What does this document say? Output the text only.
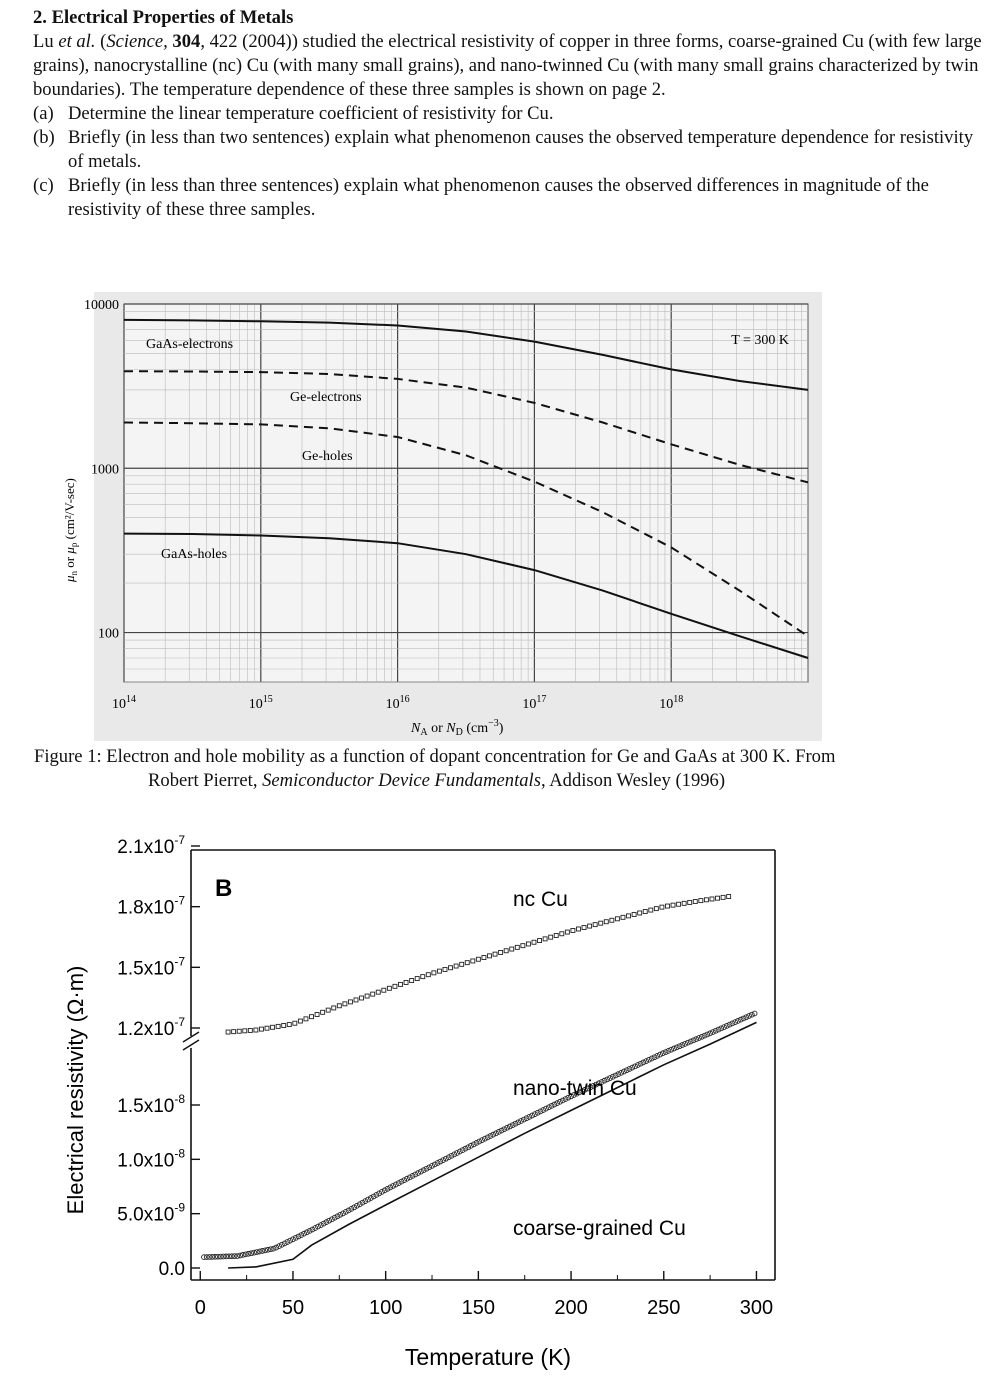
2. Electrical Properties of Metals
Lu et al. (Science, 304, 422 (2004)) studied the electrical resistivity of copper in three forms, coarse-grained Cu (with few large grains), nanocrystalline (nc) Cu (with many small grains), and nano-twinned Cu (with many small grains characterized by twin boundaries). The temperature dependence of these three samples is shown on page 2.
(a) Determine the linear temperature coefficient of resistivity for Cu.
(b) Briefly (in less than two sentences) explain what phenomenon causes the observed temperature dependence for resistivity of metals.
(c) Briefly (in less than three sentences) explain what phenomenon causes the observed differences in magnitude of the resistivity of these three samples.
10000
1000
100
$10^{14}$	$10^{15}$	$10^{16}$	$10^{17}$	$10^{18}$
T = 300 K
GaAs-electrons
Ge-electrons
Ge-holes
GaAs-holes
$N_A$ or $N_D$ $(cm^{-3})$
$\mu_n$ or $\mu_p$ (cm²/V-sec)
Figure 1: Electron and hole mobility as a function of dopant concentration for Ge and GaAs at 300 K. From
Robert Pierret, Semiconductor Device Fundamentals, Addison Wesley (1996)
0.0
$5.0x10^{-9}$
$1.0x10^{-8}$
$1.5x10^{-8}$
$1.2x10^{-7}$
$1.5x10^{-7}$
$1.8x10^{-7}$
$2.1x10^{-7}$
0	50	100	150	200	250	300
B	nc Cu
nano-twin Cu
coarse-grained Cu
Temperature (K)
Electrical resistivity (Ω·m)
